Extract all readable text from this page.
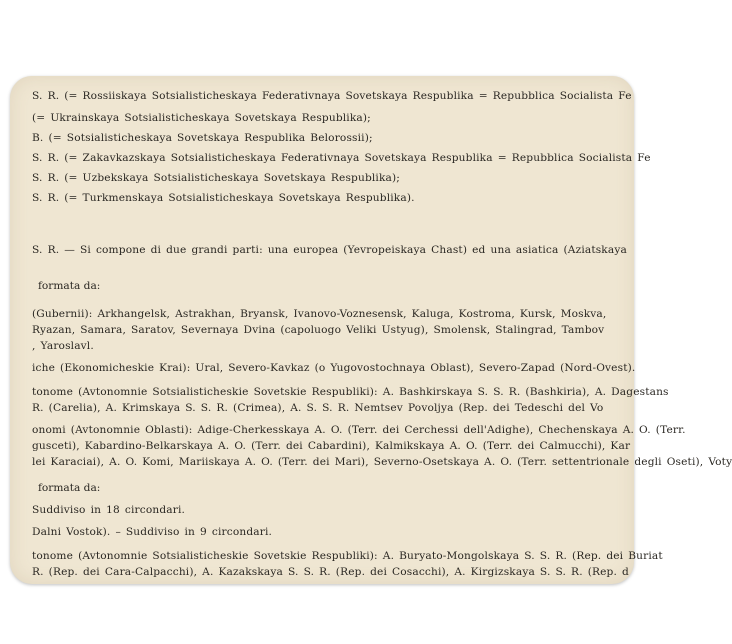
S. R. (= Rossiiskaya Sotsialisticheskaya Federativnaya Sovetskaya Respublika = Repubblica Socialista Fe
(= Ukrainskaya Sotsialisticheskaya Sovetskaya Respublika);
B. (= Sotsialisticheskaya Sovetskaya Respublika Belorossii);
S. R. (= Zakavkazskaya Sotsialisticheskaya Federativnaya Sovetskaya Respublika = Repubblica Socialista Fe
S. R. (= Uzbekskaya Sotsialisticheskaya Sovetskaya Respublika);
S. R. (= Turkmenskaya Sotsialisticheskaya Sovetskaya Respublika).
S. R. — Si compone di due grandi parti: una europea (Yevropeiskaya Chast) ed una asiatica (Aziatskaya
formata da:
(Gubernii): Arkhangelsk, Astrakhan, Bryansk, Ivanovo-Voznesensk, Kaluga, Kostroma, Kursk, Moskva,
Ryazan, Samara, Saratov, Severnaya Dvina (capoluogo Veliki Ustyug), Smolensk, Stalingrad, Tambov
, Yaroslavl.
iche (Ekonomicheskie Krai): Ural, Severo-Kavkaz (o Yugovostochnaya Oblast), Severo-Zapad (Nord-Ovest).
tonome (Avtonomnie Sotsialisticheskie Sovetskie Respubliki): A. Bashkirskaya S. S. R. (Bashkiria), A. Dagestans
R. (Carelia), A. Krimskaya S. S. R. (Crimea), A. S. S. R. Nemtsev Povoljya (Rep. dei Tedeschi del Vo
onomi (Avtonomnie Oblasti): Adige-Cherkesskaya A. O. (Terr. dei Cerchessi dell'Adighe), Chechenskaya A. O. (Terr.
gusceti), Kabardino-Belkarskaya A. O. (Terr. dei Cabardini), Kalmikskaya A. O. (Terr. dei Calmucchi), Kar
lei Karaciai), A. O. Komi, Mariiskaya A. O. (Terr. dei Mari), Severno-Osetskaya A. O. (Terr. settentrionale degli Oseti), Voty
formata da:
Suddiviso in 18 circondari.
Dalni Vostok). – Suddiviso in 9 circondari.
tonome (Avtonomnie Sotsialisticheskie Sovetskie Respubliki): A. Buryato-Mongolskaya S. S. R. (Rep. dei Buriat
R. (Rep. dei Cara-Calpacchi), A. Kazakskaya S. S. R. (Rep. dei Cosacchi), A. Kirgizskaya S. S. R. (Rep. d
